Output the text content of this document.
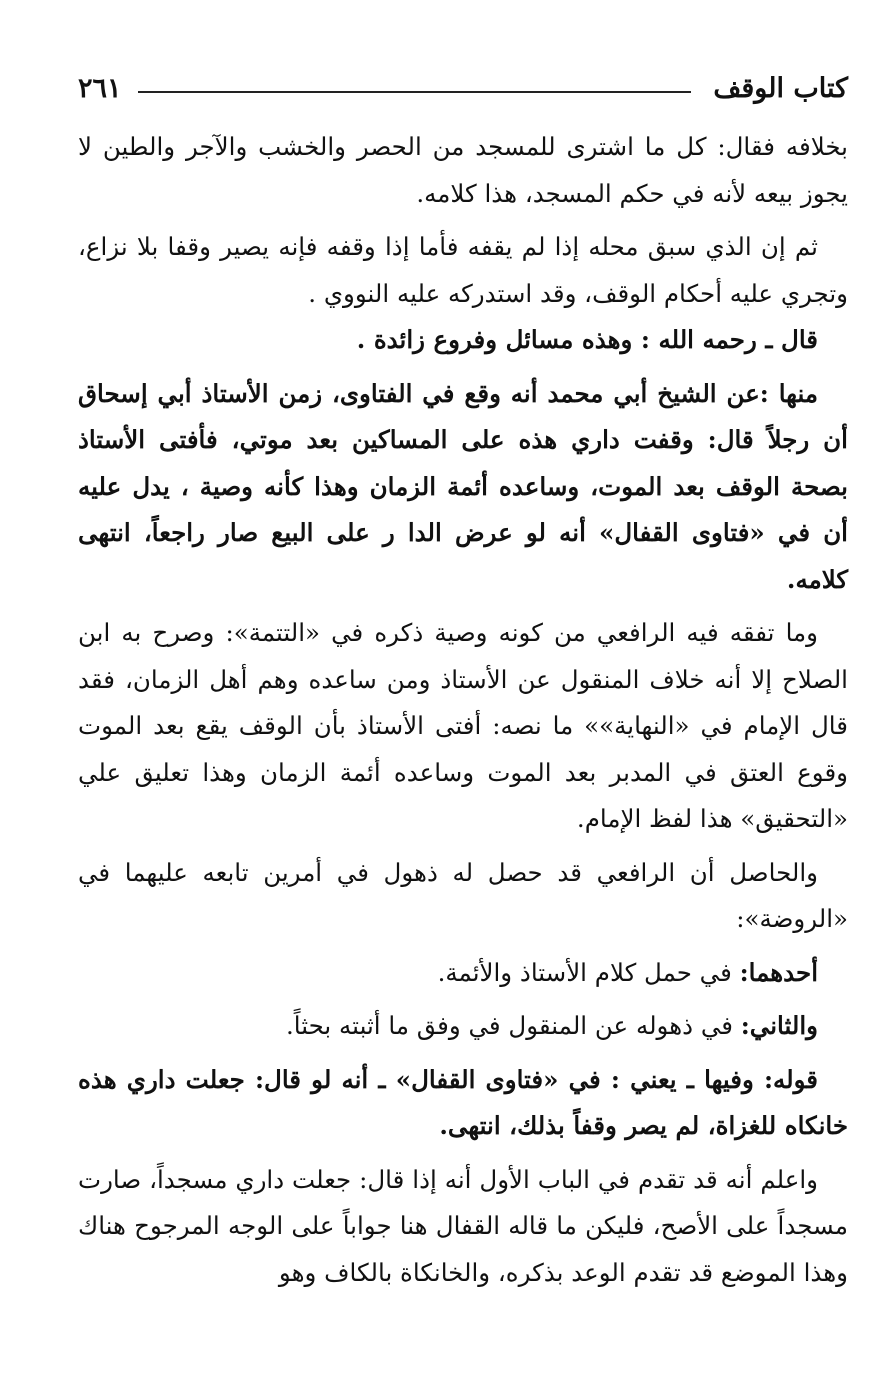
كتاب الوقف
٢٦١

بخلافه فقال: كل ما اشترى للمسجد من الحصر والخشب والآجر والطين لا يجوز بيعه لأنه في حكم المسجد، هذا كلامه.

ثم إن الذي سبق محله إذا لم يقفه فأما إذا وقفه فإنه يصير وقفا بلا نزاع، وتجري عليه أحكام الوقف، وقد استدركه عليه النووي .

قال ـ رحمه الله : وهذه مسائل وفروع زائدة .

منها :عن الشيخ أبي محمد أنه وقع في الفتاوى، زمن الأستاذ أبي إسحاق أن رجلاً قال: وقفت داري هذه على المساكين بعد موتي، فأفتى الأستاذ بصحة الوقف بعد الموت، وساعده أئمة الزمان وهذا كأنه وصية ، يدل عليه أن في «فتاوى القفال» أنه لو عرض الدا ر على البيع صار راجعاً، انتهى كلامه.

وما تفقه فيه الرافعي من كونه وصية ذكره في «التتمة»: وصرح به ابن الصلاح إلا أنه خلاف المنقول عن الأستاذ ومن ساعده وهم أهل الزمان، فقد قال الإمام في «النهاية»» ما نصه: أفتى الأستاذ بأن الوقف يقع بعد الموت وقوع العتق في المدبر بعد الموت وساعده أئمة الزمان وهذا تعليق علي «التحقيق» هذا لفظ الإمام.

والحاصل أن الرافعي قد حصل له ذهول في أمرين تابعه عليهما في «الروضة»:

أحدهما: في حمل كلام الأستاذ والأئمة.

والثاني: في ذهوله عن المنقول في وفق ما أثبته بحثاً.

قوله: وفيها ـ يعني : في «فتاوى القفال» ـ أنه لو قال: جعلت داري هذه خانكاه للغزاة، لم يصر وقفاً بذلك، انتهى.

واعلم أنه قد تقدم في الباب الأول أنه إذا قال: جعلت داري مسجداً، صارت مسجداً على الأصح، فليكن ما قاله القفال هنا جواباً على الوجه المرجوح هناك وهذا الموضع قد تقدم الوعد بذكره، والخانكاة بالكاف وهو
